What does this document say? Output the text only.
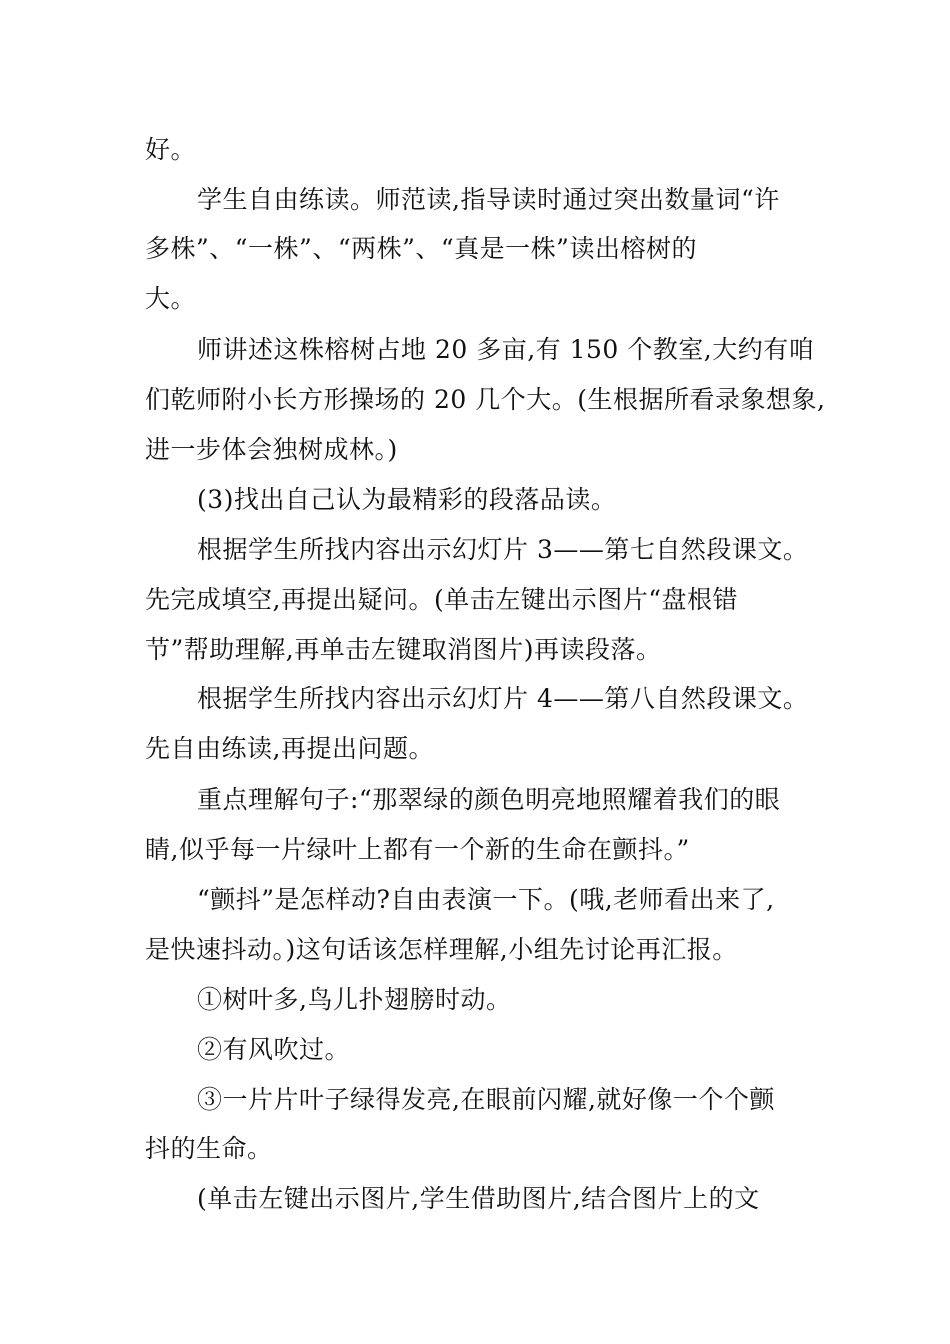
好。
学生自由练读。师范读,指导读时通过突出数量词“许
多株”、“一株”、“两株”、“真是一株”读出榕树的
大。
师讲述这株榕树占地 20 多亩,有 150 个教室,大约有咱
们乾师附小长方形操场的 20 几个大。(生根据所看录象想象,
进一步体会独树成林。)
(3)找出自己认为最精彩的段落品读。
根据学生所找内容出示幻灯片 3——第七自然段课文。
先完成填空,再提出疑问。(单击左键出示图片“盘根错
节”帮助理解,再单击左键取消图片)再读段落。
根据学生所找内容出示幻灯片 4——第八自然段课文。
先自由练读,再提出问题。
重点理解句子:“那翠绿的颜色明亮地照耀着我们的眼
睛,似乎每一片绿叶上都有一个新的生命在颤抖。”
“颤抖”是怎样动?自由表演一下。(哦,老师看出来了,
是快速抖动。)这句话该怎样理解,小组先讨论再汇报。
①树叶多,鸟儿扑翅膀时动。
②有风吹过。
③一片片叶子绿得发亮,在眼前闪耀,就好像一个个颤
抖的生命。
(单击左键出示图片,学生借助图片,结合图片上的文
